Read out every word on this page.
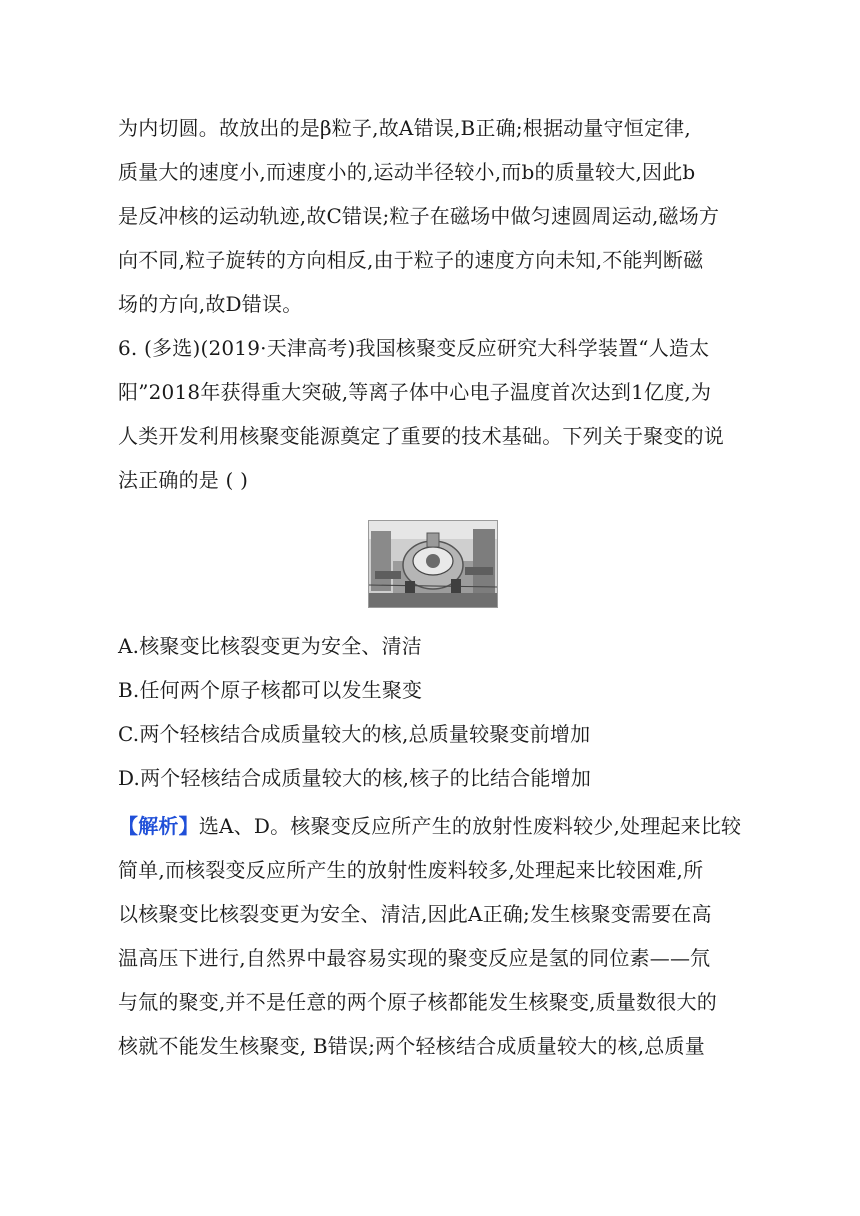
为内切圆。故放出的是β粒子,故A错误,B正确;根据动量守恒定律,
质量大的速度小,而速度小的,运动半径较小,而b的质量较大,因此b
是反冲核的运动轨迹,故C错误;粒子在磁场中做匀速圆周运动,磁场方
向不同,粒子旋转的方向相反,由于粒子的速度方向未知,不能判断磁
场的方向,故D错误。
6. (多选)(2019·天津高考)我国核聚变反应研究大科学装置“人造太
阳”2018年获得重大突破,等离子体中心电子温度首次达到1亿度,为
人类开发利用核聚变能源奠定了重要的技术基础。下列关于聚变的说
法正确的是 ( )
A.核聚变比核裂变更为安全、清洁
B.任何两个原子核都可以发生聚变
C.两个轻核结合成质量较大的核,总质量较聚变前增加
D.两个轻核结合成质量较大的核,核子的比结合能增加
【解析】选A、D。核聚变反应所产生的放射性废料较少,处理起来比较
简单,而核裂变反应所产生的放射性废料较多,处理起来比较困难,所
以核聚变比核裂变更为安全、清洁,因此A正确;发生核聚变需要在高
温高压下进行,自然界中最容易实现的聚变反应是氢的同位素——氘
与氚的聚变,并不是任意的两个原子核都能发生核聚变,质量数很大的
核就不能发生核聚变, B错误;两个轻核结合成质量较大的核,总质量
